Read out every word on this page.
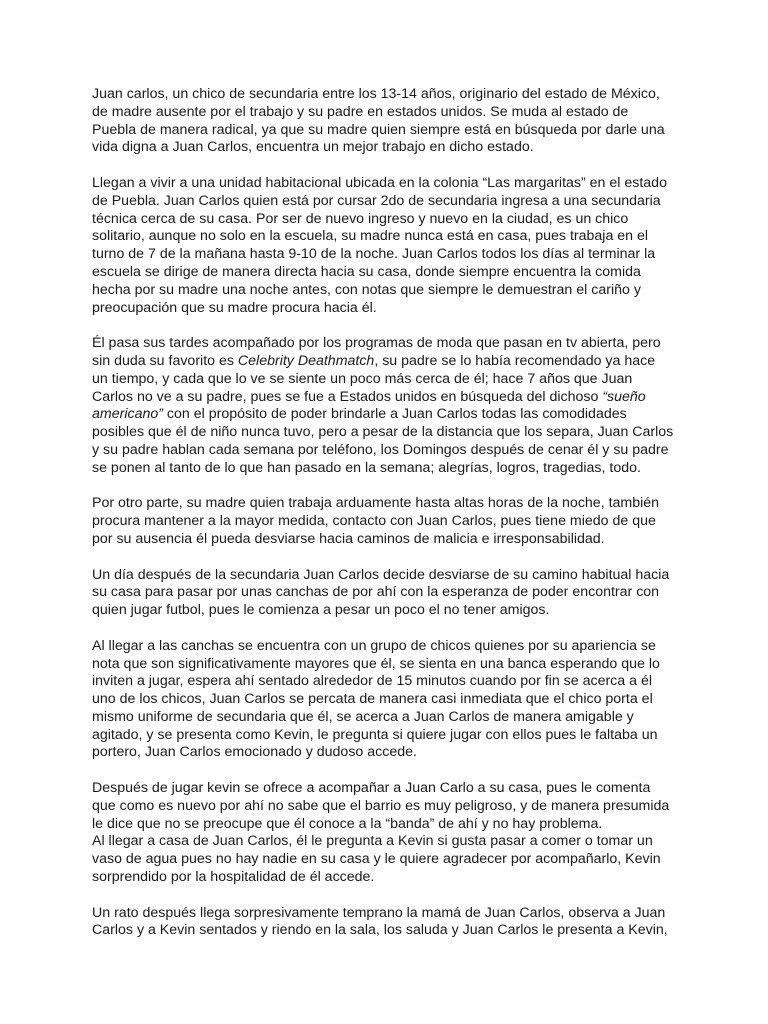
Juan carlos, un chico de secundaria entre los 13-14 años, originario del estado de México,
de madre ausente por el trabajo y su padre en estados unidos. Se muda al estado de
Puebla de manera radical, ya que su madre quien siempre está en búsqueda por darle una
vida digna a Juan Carlos, encuentra un mejor trabajo en dicho estado.

Llegan a vivir a una unidad habitacional ubicada en la colonia “Las margaritas” en el estado
de Puebla. Juan Carlos quien está por cursar 2do de secundaria ingresa a una secundaria
técnica cerca de su casa. Por ser de nuevo ingreso y nuevo en la ciudad, es un chico
solitario, aunque no solo en la escuela, su madre nunca está en casa, pues trabaja en el
turno de 7 de la mañana hasta 9-10 de la noche. Juan Carlos todos los días al terminar la
escuela se dirige de manera directa hacia su casa, donde siempre encuentra la comida
hecha por su madre una noche antes, con notas que siempre le demuestran el cariño y
preocupación que su madre procura hacia él.

Él pasa sus tardes acompañado por los programas de moda que pasan en tv abierta, pero
sin duda su favorito es Celebrity Deathmatch, su padre se lo había recomendado ya hace
un tiempo, y cada que lo ve se siente un poco más cerca de él; hace 7 años que Juan
Carlos no ve a su padre, pues se fue a Estados unidos en búsqueda del dichoso “sueño
americano” con el propósito de poder brindarle a Juan Carlos todas las comodidades
posibles que él de niño nunca tuvo, pero a pesar de la distancia que los separa, Juan Carlos
y su padre hablan cada semana por teléfono, los Domingos después de cenar él y su padre
se ponen al tanto de lo que han pasado en la semana; alegrías, logros, tragedias, todo.

Por otro parte, su madre quien trabaja arduamente hasta altas horas de la noche, también
procura mantener a la mayor medida, contacto con Juan Carlos, pues tiene miedo de que
por su ausencia él pueda desviarse hacia caminos de malicia e irresponsabilidad.

Un día después de la secundaria Juan Carlos decide desviarse de su camino habitual hacia
su casa para pasar por unas canchas de por ahí con la esperanza de poder encontrar con
quien jugar futbol, pues le comienza a pesar un poco el no tener amigos.

Al llegar a las canchas se encuentra con un grupo de chicos quienes por su apariencia se
nota que son significativamente mayores que él, se sienta en una banca esperando que lo
inviten a jugar, espera ahí sentado alrededor de 15 minutos cuando por fin se acerca a él
uno de los chicos, Juan Carlos se percata de manera casi inmediata que el chico porta el
mismo uniforme de secundaria que él, se acerca a Juan Carlos de manera amigable y
agitado, y se presenta como Kevin, le pregunta si quiere jugar con ellos pues le faltaba un
portero, Juan Carlos emocionado y dudoso accede.

Después de jugar kevin se ofrece a acompañar a Juan Carlo a su casa, pues le comenta
que como es nuevo por ahí no sabe que el barrio es muy peligroso, y de manera presumida
le dice que no se preocupe que él conoce a la “banda” de ahí y no hay problema.
Al llegar a casa de Juan Carlos, él le pregunta a Kevin si gusta pasar a comer o tomar un
vaso de agua pues no hay nadie en su casa y le quiere agradecer por acompañarlo, Kevin
sorprendido por la hospitalidad de él accede.

Un rato después llega sorpresivamente temprano la mamá de Juan Carlos, observa a Juan
Carlos y a Kevin sentados y riendo en la sala, los saluda y Juan Carlos le presenta a Kevin,
